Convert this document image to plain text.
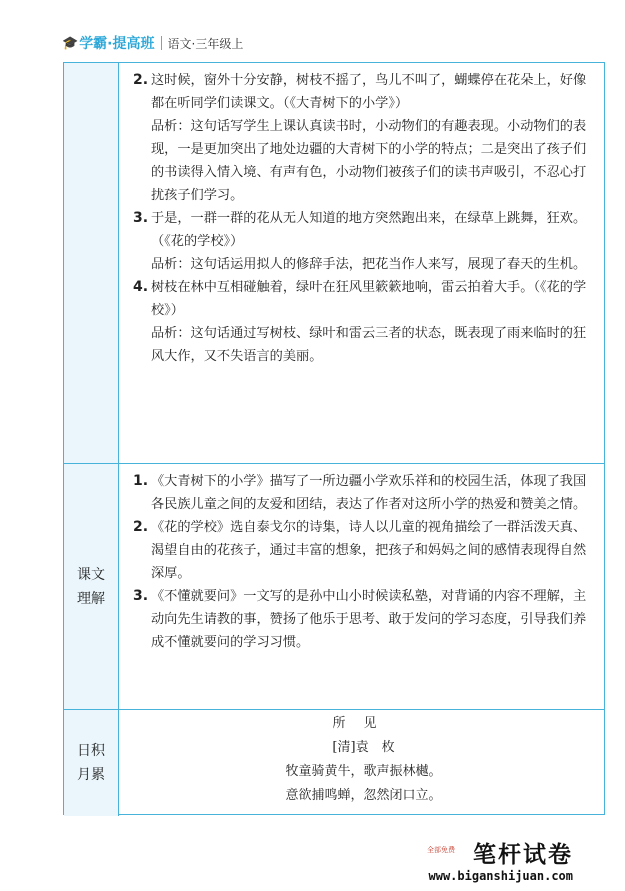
🎓 学霸·提高班 语文·三年级上
2. 这时候，窗外十分安静，树枝不摇了，鸟儿不叫了，蝴蝶停在花朵上，好像都在听同学们读课文。（《大青树下的小学》）
品析：这句话写学生上课认真读书时，小动物们的有趣表现。小动物们的表现，一是更加突出了地处边疆的大青树下的小学的特点；二是突出了孩子们的书读得入情入境、有声有色，小动物们被孩子们的读书声吸引，不忍心打扰孩子们学习。
3. 于是，一群一群的花从无人知道的地方突然跑出来，在绿草上跳舞，狂欢。（《花的学校》）
品析：这句话运用拟人的修辞手法，把花当作人来写，展现了春天的生机。
4. 树枝在林中互相碰触着，绿叶在狂风里簌簌地响，雷云拍着大手。（《花的学校》）
品析：这句话通过写树枝、绿叶和雷云三者的状态，既表现了雨来临时的狂风大作，又不失语言的美丽。
课文理解
1. 《大青树下的小学》描写了一所边疆小学欢乐祥和的校园生活，体现了我国各民族儿童之间的友爱和团结，表达了作者对这所小学的热爱和赞美之情。
2. 《花的学校》选自泰戈尔的诗集，诗人以儿童的视角描绘了一群活泼天真、渴望自由的花孩子，通过丰富的想象，把孩子和妈妈之间的感情表现得自然深厚。
3. 《不懂就要问》一文写的是孙中山小时候读私塾，对背诵的内容不理解，主动向先生请教的事，赞扬了他乐于思考、敢于发问的学习态度，引导我们养成不懂就要问的学习习惯。
日积月累
所见
[清]袁　枚
牧童骑黄牛，歌声振林樾。
意欲捕鸣蝉，忽然闭口立。
全部免费 笔杆试卷
www.biganshijuan.com
